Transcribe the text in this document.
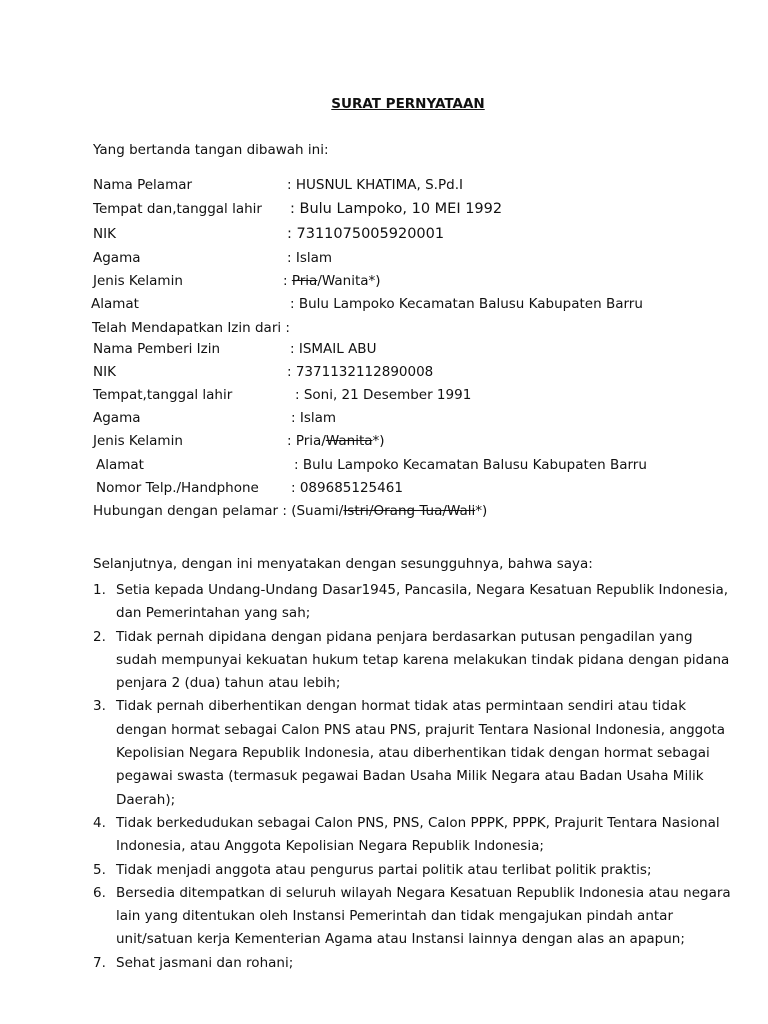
SURAT PERNYATAAN
Yang bertanda tangan dibawah ini:
Nama Pelamar	: HUSNUL KHATIMA, S.Pd.I
Tempat dan,tanggal lahir : Bulu Lampoko, 10 MEI 1992
NIK	: 7311075005920001
Agama	: Islam
Jenis Kelamin	: Pria/Wanita*)
Alamat	: Bulu Lampoko Kecamatan Balusu Kabupaten Barru
Telah Mendapatkan Izin dari :
Nama Pemberi Izin	: ISMAIL ABU
NIK	: 7371132112890008
Tempat,tanggal lahir	: Soni, 21 Desember 1991
Agama	: Islam
Jenis Kelamin	: Pria/Wanita*)
Alamat	: Bulu Lampoko Kecamatan Balusu Kabupaten Barru
Nomor Telp./Handphone : 089685125461
Hubungan dengan pelamar : (Suami/Istri/Orang Tua/Wali*)
Selanjutnya, dengan ini menyatakan dengan sesungguhnya, bahwa saya:
1. Setia kepada Undang-Undang Dasar1945, Pancasila, Negara Kesatuan Republik Indonesia, dan Pemerintahan yang sah;
2. Tidak pernah dipidana dengan pidana penjara berdasarkan putusan pengadilan yang sudah mempunyai kekuatan hukum tetap karena melakukan tindak pidana dengan pidana penjara 2 (dua) tahun atau lebih;
3. Tidak pernah diberhentikan dengan hormat tidak atas permintaan sendiri atau tidak dengan hormat sebagai Calon PNS atau PNS, prajurit Tentara Nasional Indonesia, anggota Kepolisian Negara Republik Indonesia, atau diberhentikan tidak dengan hormat sebagai pegawai swasta (termasuk pegawai Badan Usaha Milik Negara atau Badan Usaha Milik Daerah);
4. Tidak berkedudukan sebagai Calon PNS, PNS, Calon PPPK, PPPK, Prajurit Tentara Nasional Indonesia, atau Anggota Kepolisian Negara Republik Indonesia;
5. Tidak menjadi anggota atau pengurus partai politik atau terlibat politik praktis;
6. Bersedia ditempatkan di seluruh wilayah Negara Kesatuan Republik Indonesia atau negara lain yang ditentukan oleh Instansi Pemerintah dan tidak mengajukan pindah antar unit/satuan kerja Kementerian Agama atau Instansi lainnya dengan alas an apapun;
7. Sehat jasmani dan rohani;
